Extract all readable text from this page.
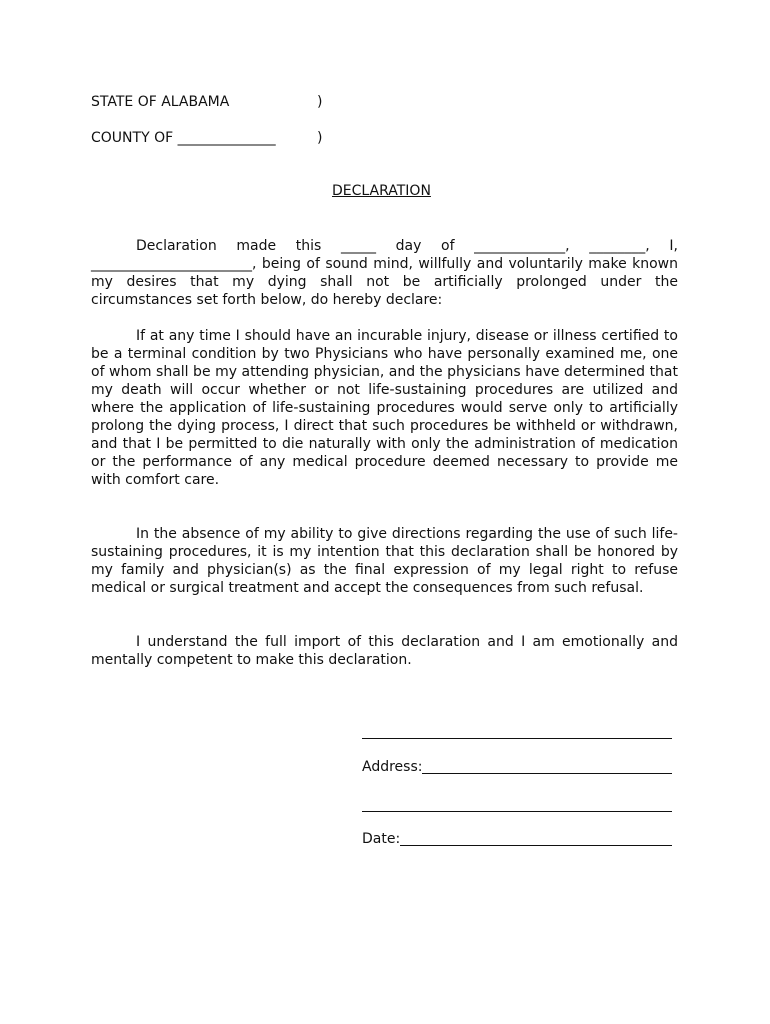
STATE OF ALABAMA	)
COUNTY OF ______________	)
DECLARATION
Declaration made this _____ day of _____________, ________, I, _______________________, being of sound mind, willfully and voluntarily make known my desires that my dying shall not be artificially prolonged under the circumstances set forth below, do hereby declare:
If at any time I should have an incurable injury, disease or illness certified to be a terminal condition by two Physicians who have personally examined me, one of whom shall be my attending physician, and the physicians have determined that my death will occur whether or not life-sustaining procedures are utilized and where the application of life-sustaining procedures would serve only to artificially prolong the dying process, I direct that such procedures be withheld or withdrawn, and that I be permitted to die naturally with only the administration of medication or the performance of any medical procedure deemed necessary to provide me with comfort care.
In the absence of my ability to give directions regarding the use of such life-sustaining procedures, it is my intention that this declaration shall be honored by my family and physician(s) as the final expression of my legal right to refuse medical or surgical treatment and accept the consequences from such refusal.
I understand the full import of this declaration and I am emotionally and mentally competent to make this declaration.
Address:
Date:
